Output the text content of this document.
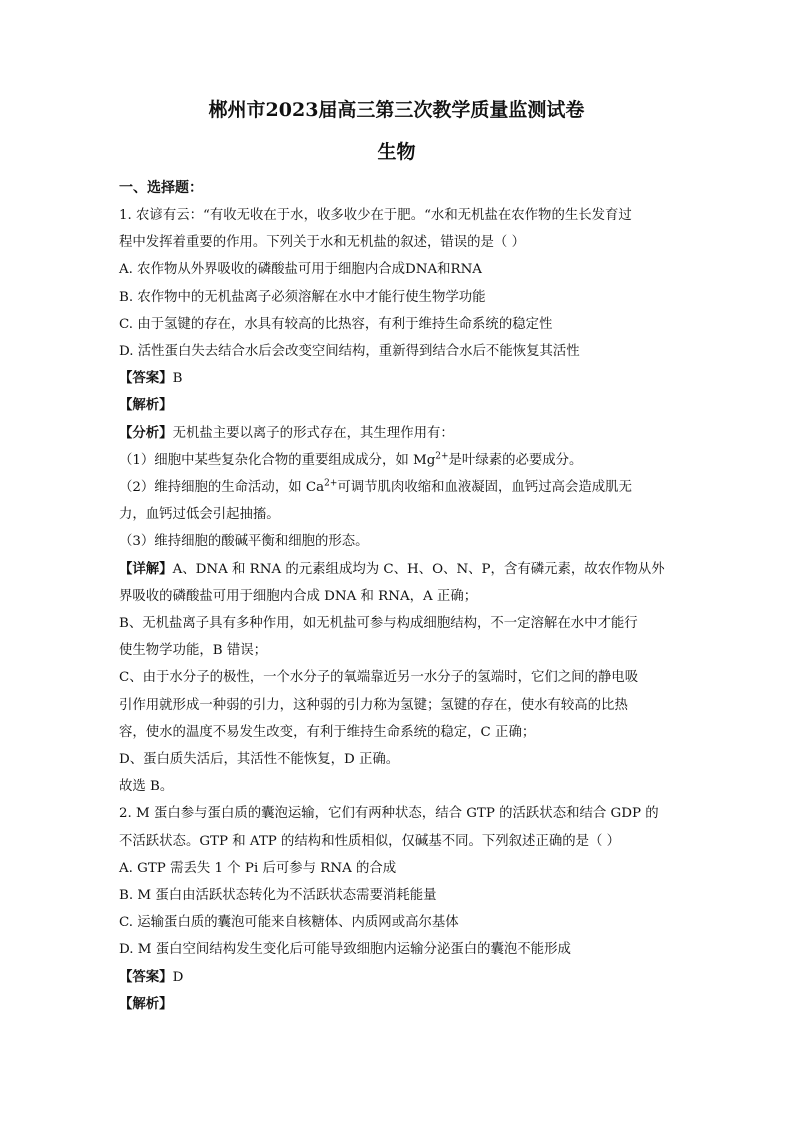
郴州市2023届高三第三次教学质量监测试卷
生物

一、选择题：

1. 农谚有云：“有收无收在于水，收多收少在于肥。“水和无机盐在农作物的生长发育过

程中发挥着重要的作用。下列关于水和无机盐的叙述，错误的是（ ）

A. 农作物从外界吸收的磷酸盐可用于细胞内合成DNA和RNA

B. 农作物中的无机盐离子必须溶解在水中才能行使生物学功能

C. 由于氢键的存在，水具有较高的比热容，有利于维持生命系统的稳定性

D. 活性蛋白失去结合水后会改变空间结构，重新得到结合水后不能恢复其活性

【答案】B

【解析】

【分析】无机盐主要以离子的形式存在，其生理作用有：

（1）细胞中某些复杂化合物的重要组成成分，如 $Mg^{2+}$是叶绿素的必要成分。

（2）维持细胞的生命活动，如 $Ca^{2+}$可调节肌肉收缩和血液凝固，血钙过高会造成肌无

力，血钙过低会引起抽搐。

（3）维持细胞的酸碱平衡和细胞的形态。

【详解】A、DNA 和 RNA 的元素组成均为 C、H、O、N、P，含有磷元素，故农作物从外

界吸收的磷酸盐可用于细胞内合成 DNA 和 RNA，A 正确；

B、无机盐离子具有多种作用，如无机盐可参与构成细胞结构，不一定溶解在水中才能行

使生物学功能，B 错误；

C、由于水分子的极性，一个水分子的氧端靠近另一水分子的氢端时，它们之间的静电吸

引作用就形成一种弱的引力，这种弱的引力称为氢键；氢键的存在，使水有较高的比热

容，使水的温度不易发生改变，有利于维持生命系统的稳定，C 正确；

D、蛋白质失活后，其活性不能恢复，D 正确。

故选 B。

2. M 蛋白参与蛋白质的囊泡运输，它们有两种状态，结合 GTP 的活跃状态和结合 GDP 的

不活跃状态。GTP 和 ATP 的结构和性质相似，仅碱基不同。下列叙述正确的是（ ）

A. GTP 需丢失 1 个 Pi 后可参与 RNA 的合成

B. M 蛋白由活跃状态转化为不活跃状态需要消耗能量

C. 运输蛋白质的囊泡可能来自核糖体、内质网或高尔基体

D. M 蛋白空间结构发生变化后可能导致细胞内运输分泌蛋白的囊泡不能形成

【答案】D

【解析】
